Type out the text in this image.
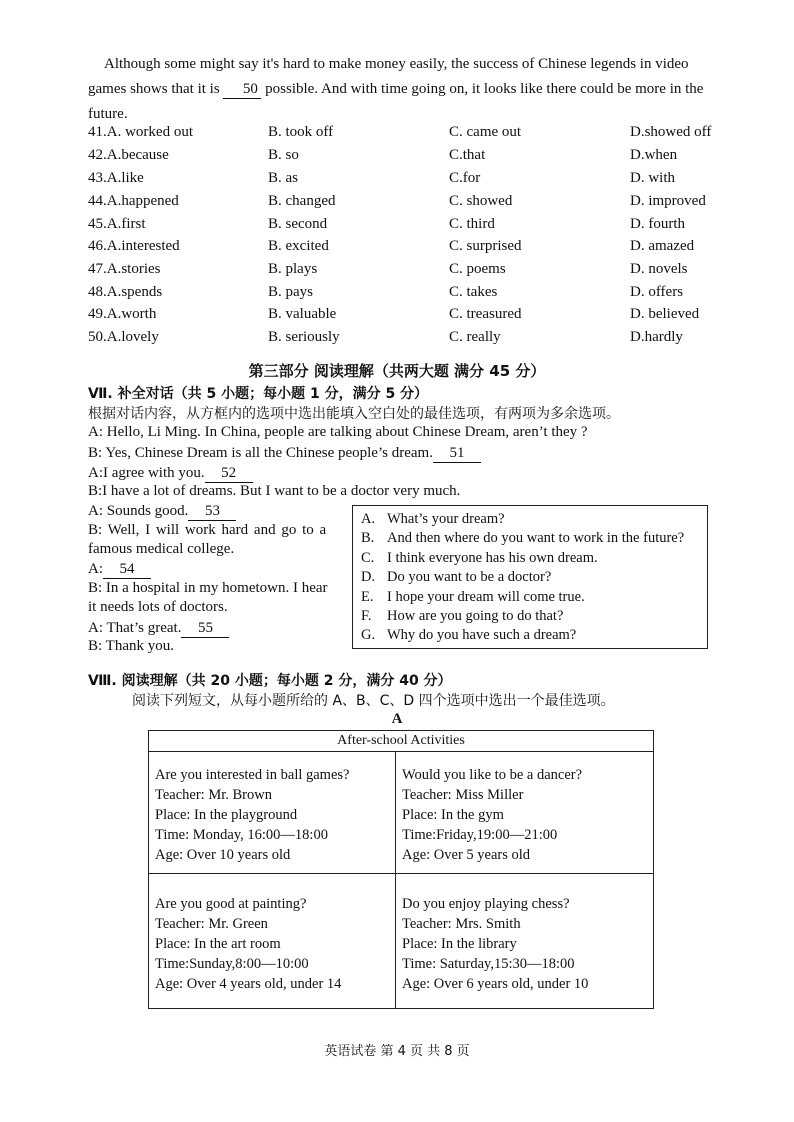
Although some might say it's hard to make money easily, the success of Chinese legends in video games shows that it is 50 possible. And with time going on, it looks like there could be more in the future.
41.A. worked out	B. took off	C. came out	D.showed off
42.A.because	B. so	C.that	D.when
43.A.like	B. as	C.for	D. with
44.A.happened	B. changed	C. showed	D. improved
45.A.first	B. second	C. third	D. fourth
46.A.interested	B. excited	C. surprised	D. amazed
47.A.stories	B. plays	C. poems	D. novels
48.A.spends	B. pays	C. takes	D. offers
49.A.worth	B. valuable	C. treasured	D. believed
50.A.lovely	B. seriously	C. really	D.hardly
第三部分 阅读理解（共两大题 满分 45 分）
Ⅶ. 补全对话（共 5 小题；每小题 1 分，满分 5 分）
根据对话内容，从方框内的选项中选出能填入空白处的最佳选项，有两项为多余选项。
A: Hello, Li Ming. In China, people are talking about Chinese Dream, aren’t they ?
B: Yes, Chinese Dream is all the Chinese people’s dream. 51
A:I agree with you. 52
B:I have a lot of dreams. But I want to be a doctor very much.
A: Sounds good. 53
B: Well, I will work hard and go to a
famous medical college.
A: 54
B: In a hospital in my hometown. I hear
it needs lots of doctors.
A: That’s great. 55
B: Thank you.
A. What’s your dream?
B. And then where do you want to work in the future?
C. I think everyone has his own dream.
D. Do you want to be a doctor?
E. I hope your dream will come true.
F. How are you going to do that?
G. Why do you have such a dream?
Ⅷ. 阅读理解（共 20 小题；每小题 2 分，满分 40 分）
阅读下列短文，从每小题所给的 A、B、C、D 四个选项中选出一个最佳选项。
A
After-school Activities
Are you interested in ball games?
Teacher: Mr. Brown
Place: In the playground
Time: Monday, 16:00—18:00
Age: Over 10 years old
Would you like to be a dancer?
Teacher: Miss Miller
Place: In the gym
Time:Friday,19:00—21:00
Age: Over 5 years old
Are you good at painting?
Teacher: Mr. Green
Place: In the art room
Time:Sunday,8:00—10:00
Age: Over 4 years old, under 14
Do you enjoy playing chess?
Teacher: Mrs. Smith
Place: In the library
Time: Saturday,15:30—18:00
Age: Over 6 years old, under 10
英语试卷 第 4 页 共 8 页
